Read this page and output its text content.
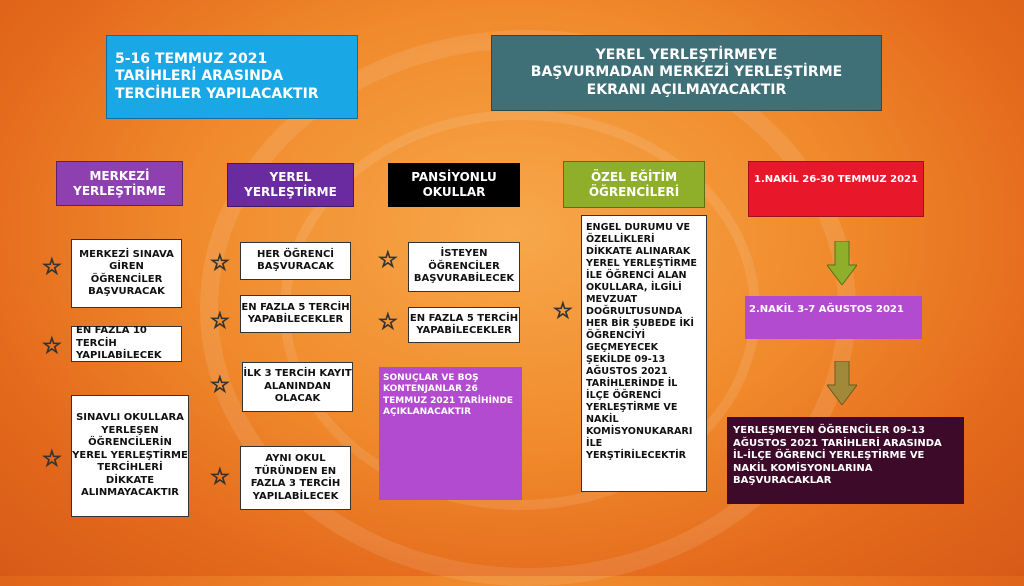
5-16 TEMMUZ 2021 TARİHLERİ ARASINDA TERCİHLER YAPILACAKTIR
YEREL YERLEŞTİRMEYE
BAŞVURMADAN MERKEZİ YERLEŞTİRME
EKRANI AÇILMAYACAKTIR
MERKEZİ YERLEŞTİRME
YEREL YERLEŞTİRME
PANSİYONLU OKULLAR
ÖZEL EĞİTİM ÖĞRENCİLERİ
1.NAKİL 26-30 TEMMUZ 2021
☆
MERKEZİ SINAVA GİREN ÖĞRENCİLER BAŞVURACAK
☆
EN FAZLA 10 TERCİH YAPILABİLECEK
☆
SINAVLI OKULLARA YERLEŞEN ÖĞRENCİLERİN YEREL YERLEŞTİRME TERCİHLERİ DİKKATE ALINMAYACAKTIR
☆	HER ÖĞRENCİ BAŞVURACAK
☆
EN FAZLA 5 TERCİH YAPABİLECEKLER
☆ İLK 3 TERCİH KAYIT ALANINDAN OLACAK
☆
AYNI OKUL TÜRÜNDEN EN FAZLA 3 TERCİH YAPILABİLECEK
☆	İSTEYEN ÖĞRENCİLER BAŞVURABİLECEK
☆ EN FAZLA 5 TERCİH YAPABİLECEKLER
SONUÇLAR VE BOŞ KONTENJANLAR 26 TEMMUZ 2021 TARİHİNDE AÇIKLANACAKTIR
☆
ENGEL DURUMU VE ÖZELLİKLERİ DİKKATE ALINARAK YEREL YERLEŞTİRME İLE ÖĞRENCİ ALAN OKULLARA, İLGİLİ MEVZUAT DOĞRULTUSUNDA HER BİR ŞUBEDE İKİ ÖĞRENCİYİ GEÇMEYECEK ŞEKİLDE 09-13 AĞUSTOS 2021 TARİHLERİNDE İL İLÇE ÖĞRENCİ YERLEŞTİRME VE NAKİL KOMİSYONUKARARI İLE YERŞTİRİLECEKTİR
2.NAKİL 3-7 AĞUSTOS 2021
YERLEŞMEYEN ÖĞRENCİLER 09-13 AĞUSTOS 2021 TARİHLERİ ARASINDA İL-İLÇE ÖĞRENCİ YERLEŞTİRME VE NAKİL KOMİSYONLARINA BAŞVURACAKLAR
